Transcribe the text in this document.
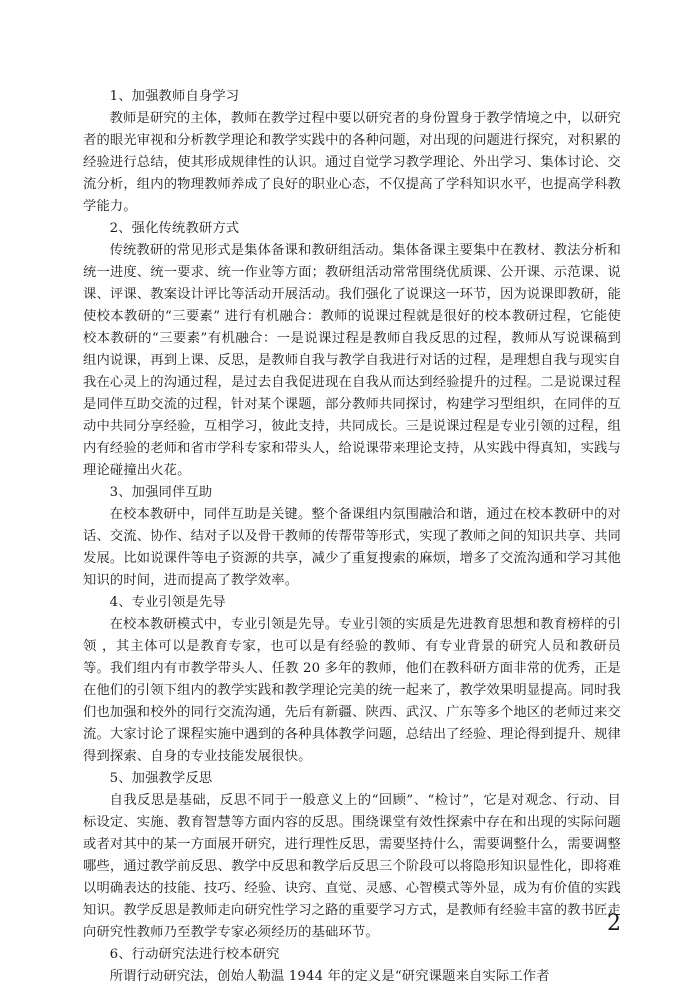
1、加强教师自身学习

教师是研究的主体，教师在教学过程中要以研究者的身份置身于教学情境之中，以研究者的眼光审视和分析教学理论和教学实践中的各种问题，对出现的问题进行探究，对积累的经验进行总结，使其形成规律性的认识。通过自觉学习教学理论、外出学习、集体讨论、交流分析，组内的物理教师养成了良好的职业心态，不仅提高了学科知识水平，也提高学科教学能力。

2、强化传统教研方式

传统教研的常见形式是集体备课和教研组活动。集体备课主要集中在教材、教法分析和统一进度、统一要求、统一作业等方面；教研组活动常常围绕优质课、公开课、示范课、说课、评课、教案设计评比等活动开展活动。我们强化了说课这一环节，因为说课即教研，能使校本教研的“三要素” 进行有机融合：教师的说课过程就是很好的校本教研过程，它能使校本教研的“三要素”有机融合：一是说课过程是教师自我反思的过程，教师从写说课稿到组内说课，再到上课、反思，是教师自我与教学自我进行对话的过程，是理想自我与现实自我在心灵上的沟通过程，是过去自我促进现在自我从而达到经验提升的过程。二是说课过程是同伴互助交流的过程，针对某个课题，部分教师共同探讨，构建学习型组织，在同伴的互动中共同分享经验，互相学习，彼此支持，共同成长。三是说课过程是专业引领的过程，组内有经验的老师和省市学科专家和带头人，给说课带来理论支持，从实践中得真知，实践与理论碰撞出火花。

3、加强同伴互助

在校本教研中，同伴互助是关键。整个备课组内氛围融洽和谐，通过在校本教研中的对话、交流、协作、结对子以及骨干教师的传帮带等形式，实现了教师之间的知识共享、共同发展。比如说课件等电子资源的共享，减少了重复搜索的麻烦，增多了交流沟通和学习其他知识的时间，进而提高了教学效率。

4、专业引领是先导

在校本教研模式中，专业引领是先导。专业引领的实质是先进教育思想和教育榜样的引领 ，其主体可以是教育专家，也可以是有经验的教师、有专业背景的研究人员和教研员等。我们组内有市教学带头人、任教 20 多年的教师，他们在教科研方面非常的优秀，正是在他们的引领下组内的教学实践和教学理论完美的统一起来了，教学效果明显提高。同时我们也加强和校外的同行交流沟通，先后有新疆、陕西、武汉、广东等多个地区的老师过来交流。大家讨论了课程实施中遇到的各种具体教学问题，总结出了经验、理论得到提升、规律得到探索、自身的专业技能发展很快。

5、加强教学反思

自我反思是基础，反思不同于一般意义上的“回顾”、“检讨”，它是对观念、行动、目标设定、实施、教育智慧等方面内容的反思。围绕课堂有效性探索中存在和出现的实际问题或者对其中的某一方面展开研究，进行理性反思，需要坚持什么，需要调整什么，需要调整哪些，通过教学前反思、教学中反思和教学后反思三个阶段可以将隐形知识显性化，即将难以明确表达的技能、技巧、经验、诀窍、直觉、灵感、心智模式等外显，成为有价值的实践知识。教学反思是教师走向研究性学习之路的重要学习方式，是教师有经验丰富的教书匠走向研究性教师乃至教学专家必须经历的基础环节。

6、行动研究法进行校本研究

所谓行动研究法，创始人勒温 1944 年的定义是“研究课题来自实际工作者

2
